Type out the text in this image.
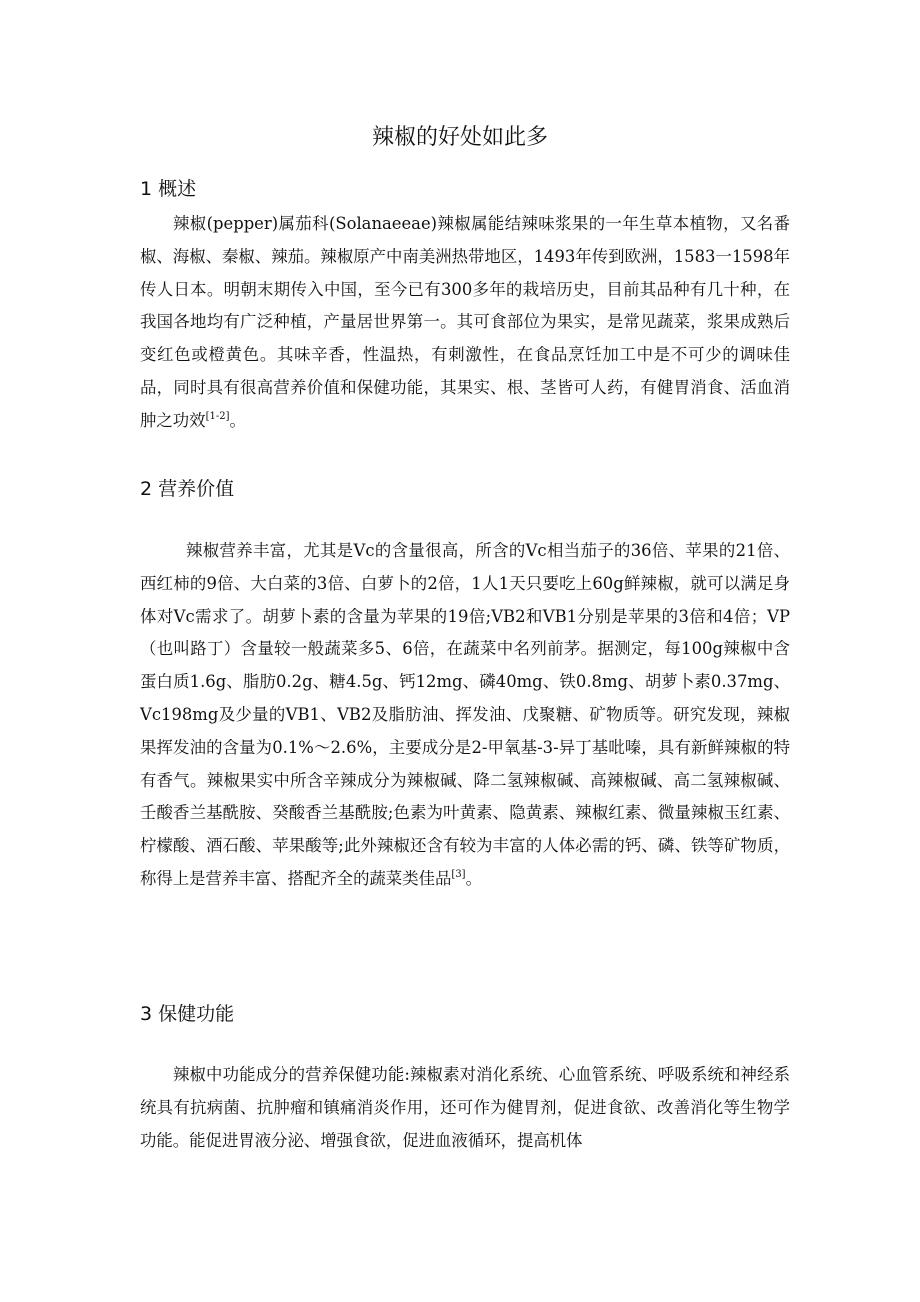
辣椒的好处如此多
1 概述

辣椒(pepper)属茄科(Solanaeeae)辣椒属能结辣味浆果的一年生草本植物，又名番椒、海椒、秦椒、辣茄。辣椒原产中南美洲热带地区，1493年传到欧洲，1583一1598年传人日本。明朝末期传入中国，至今已有300多年的栽培历史，目前其品种有几十种，在我国各地均有广泛种植，产量居世界第一。其可食部位为果实，是常见蔬菜，浆果成熟后变红色或橙黄色。其味辛香，性温热，有刺激性，在食品烹饪加工中是不可少的调味佳品，同时具有很高营养价值和保健功能，其果实、根、茎皆可人药，有健胃消食、活血消肿之功效[1-2]。

2 营养价值

辣椒营养丰富，尤其是Vc的含量很高，所含的Vc相当茄子的36倍、苹果的21倍、西红柿的9倍、大白菜的3倍、白萝卜的2倍，1人1天只要吃上60g鲜辣椒，就可以满足身体对Vc需求了。胡萝卜素的含量为苹果的19倍;VB2和VB1分别是苹果的3倍和4倍；VP（也叫路丁）含量较一般蔬菜多5、6倍，在蔬菜中名列前茅。据测定，每100g辣椒中含蛋白质1.6g、脂肪0.2g、糖4.5g、钙12mg、磷40mg、铁0.8mg、胡萝卜素0.37mg、Vc198mg及少量的VB1、VB2及脂肪油、挥发油、戊聚糖、矿物质等。研究发现，辣椒果挥发油的含量为0.1%～2.6%，主要成分是2-甲氧基-3-异丁基吡嗪，具有新鲜辣椒的特有香气。辣椒果实中所含辛辣成分为辣椒碱、降二氢辣椒碱、高辣椒碱、高二氢辣椒碱、壬酸香兰基酰胺、癸酸香兰基酰胺;色素为叶黄素、隐黄素、辣椒红素、微量辣椒玉红素、柠檬酸、酒石酸、苹果酸等;此外辣椒还含有较为丰富的人体必需的钙、磷、铁等矿物质，称得上是营养丰富、搭配齐全的蔬菜类佳品[3]。

3 保健功能

辣椒中功能成分的营养保健功能:辣椒素对消化系统、心血管系统、呼吸系统和神经系统具有抗病菌、抗肿瘤和镇痛消炎作用，还可作为健胃剂，促进食欲、改善消化等生物学功能。能促进胃液分泌、增强食欲，促进血液循环，提高机体
